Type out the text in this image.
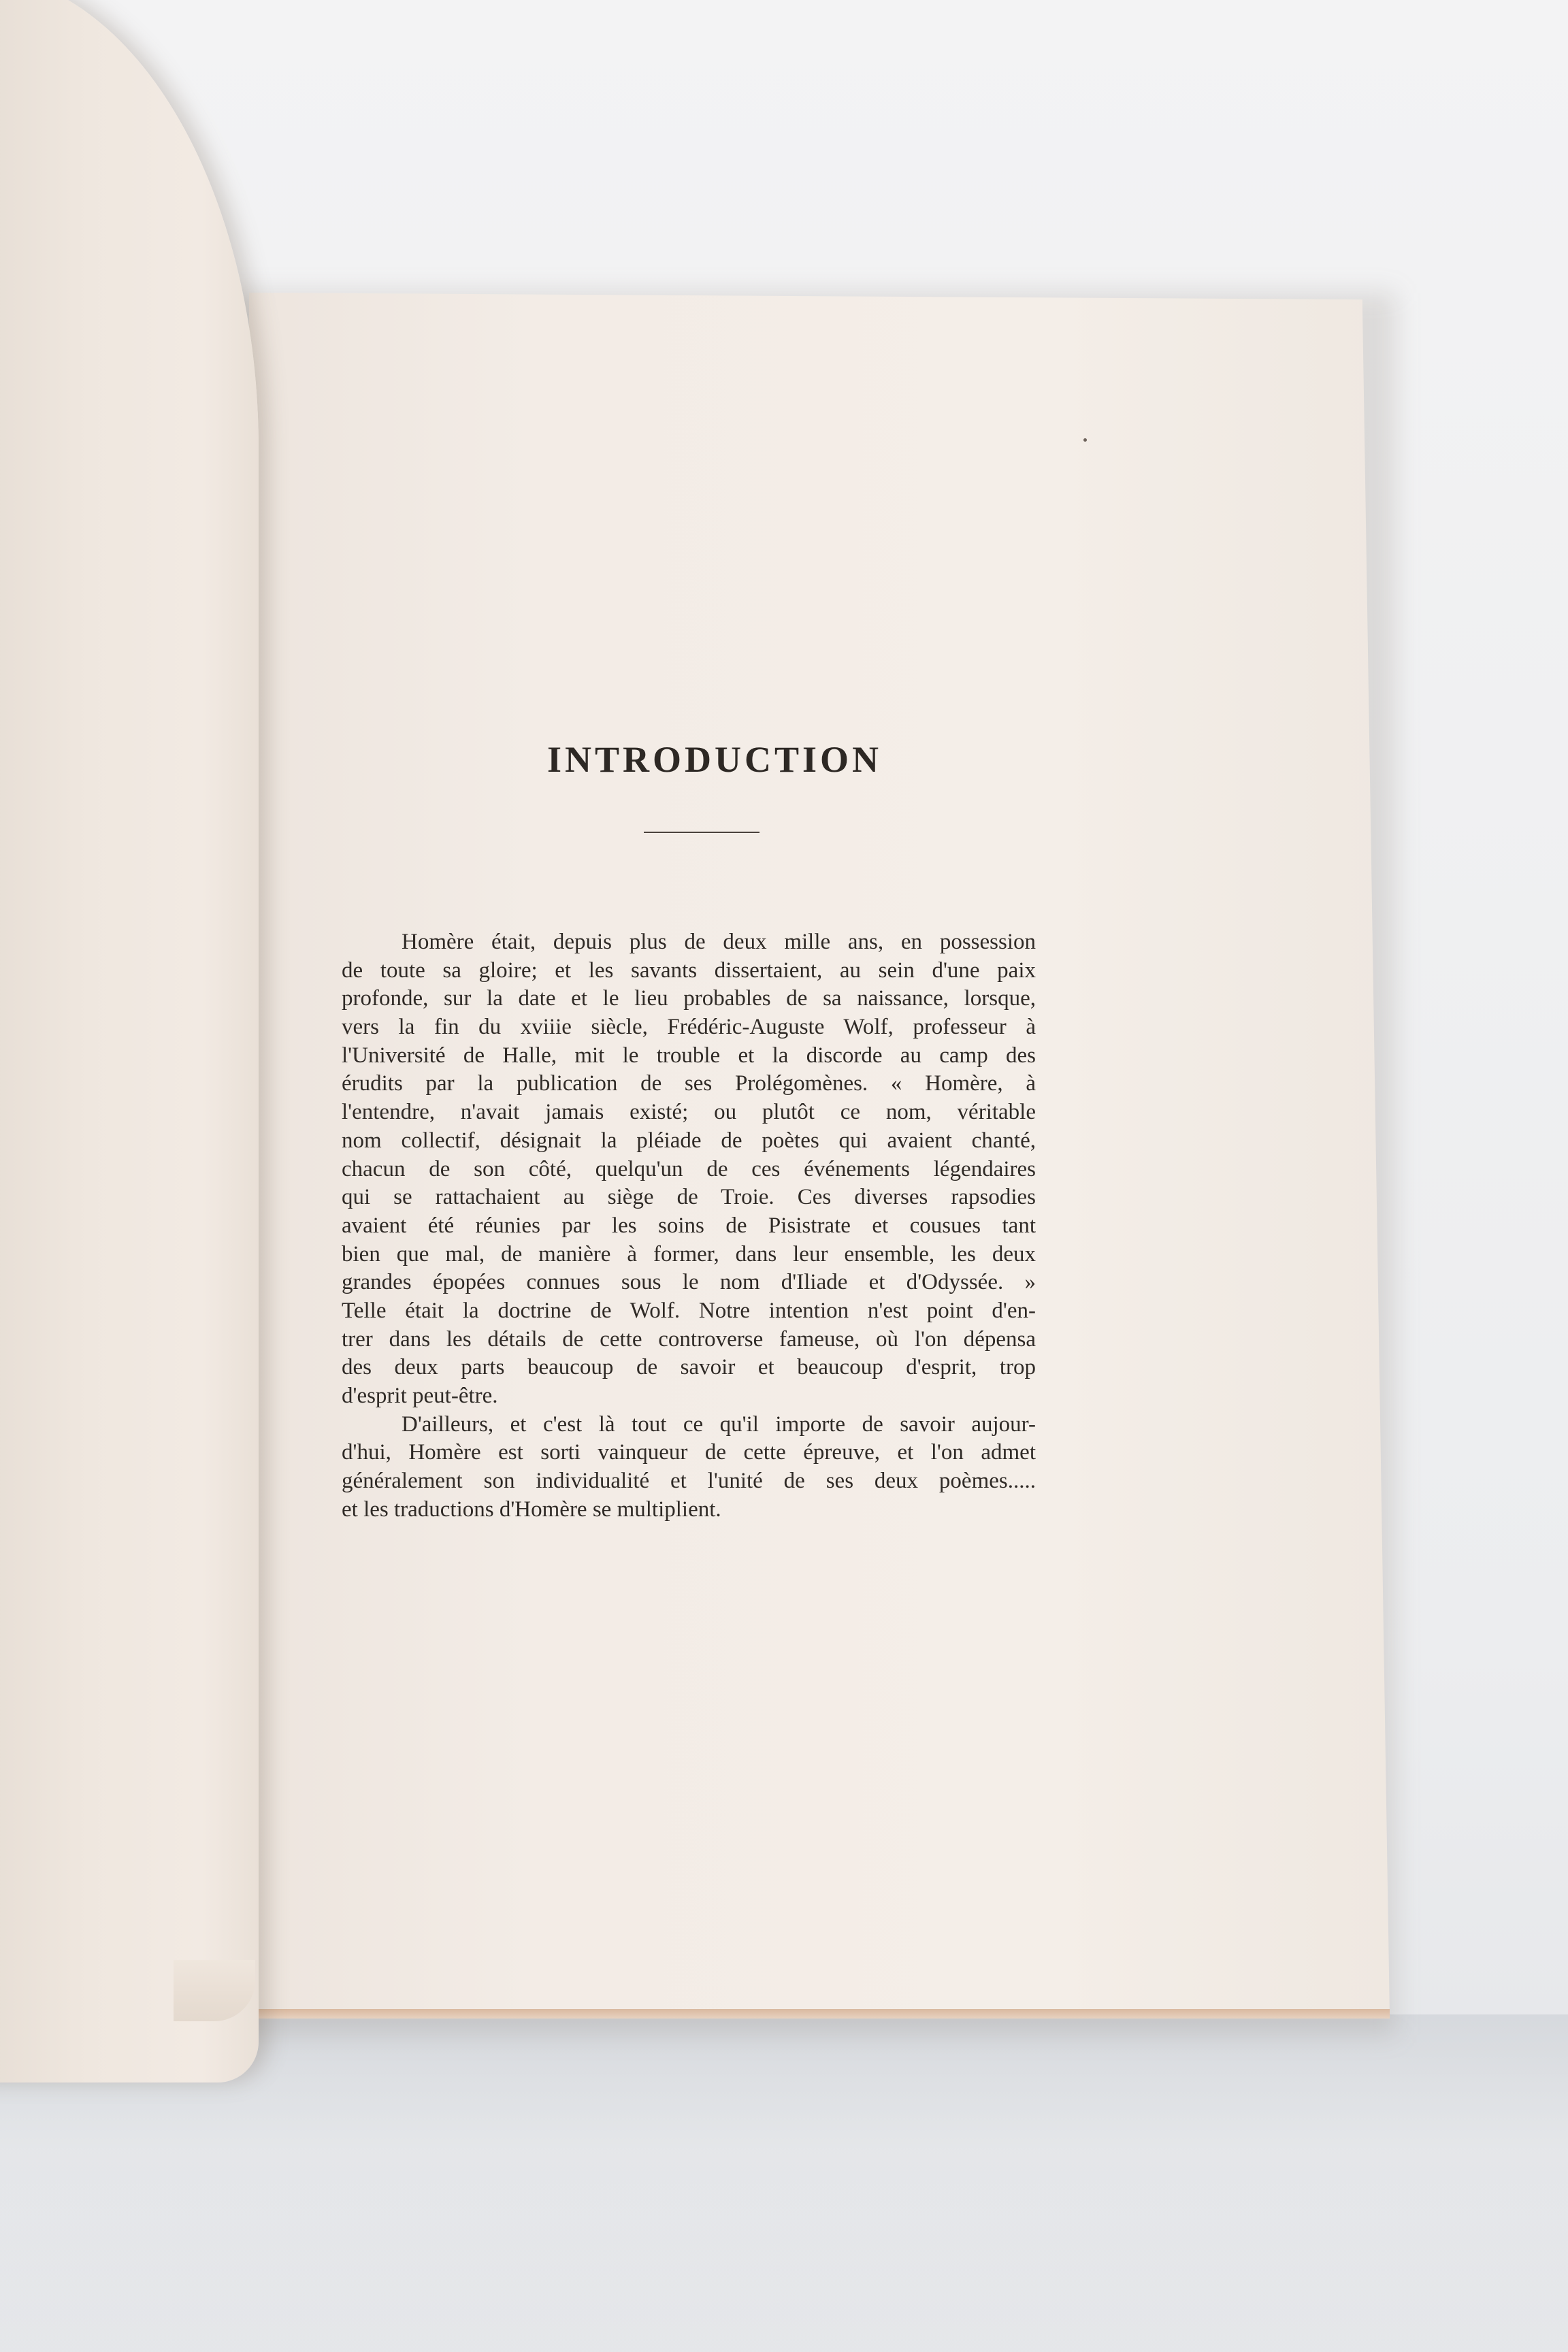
INTRODUCTION
Homère était, depuis plus de deux mille ans, en possession
de toute sa gloire; et les savants dissertaient, au sein d'une paix
profonde, sur la date et le lieu probables de sa naissance, lorsque,
vers la fin du xviiie siècle, Frédéric-Auguste Wolf, professeur à
l'Université de Halle, mit le trouble et la discorde au camp des
érudits par la publication de ses Prolégomènes. « Homère, à
l'entendre, n'avait jamais existé; ou plutôt ce nom, véritable
nom collectif, désignait la pléiade de poètes qui avaient chanté,
chacun de son côté, quelqu'un de ces événements légendaires
qui se rattachaient au siège de Troie. Ces diverses rapsodies
avaient été réunies par les soins de Pisistrate et cousues tant
bien que mal, de manière à former, dans leur ensemble, les deux
grandes épopées connues sous le nom d'Iliade et d'Odyssée. »
Telle était la doctrine de Wolf. Notre intention n'est point d'en-
trer dans les détails de cette controverse fameuse, où l'on dépensa
des deux parts beaucoup de savoir et beaucoup d'esprit, trop
d'esprit peut-être.
D'ailleurs, et c'est là tout ce qu'il importe de savoir aujour-
d'hui, Homère est sorti vainqueur de cette épreuve, et l'on admet
généralement son individualité et l'unité de ses deux poèmes.....
et les traductions d'Homère se multiplient.
